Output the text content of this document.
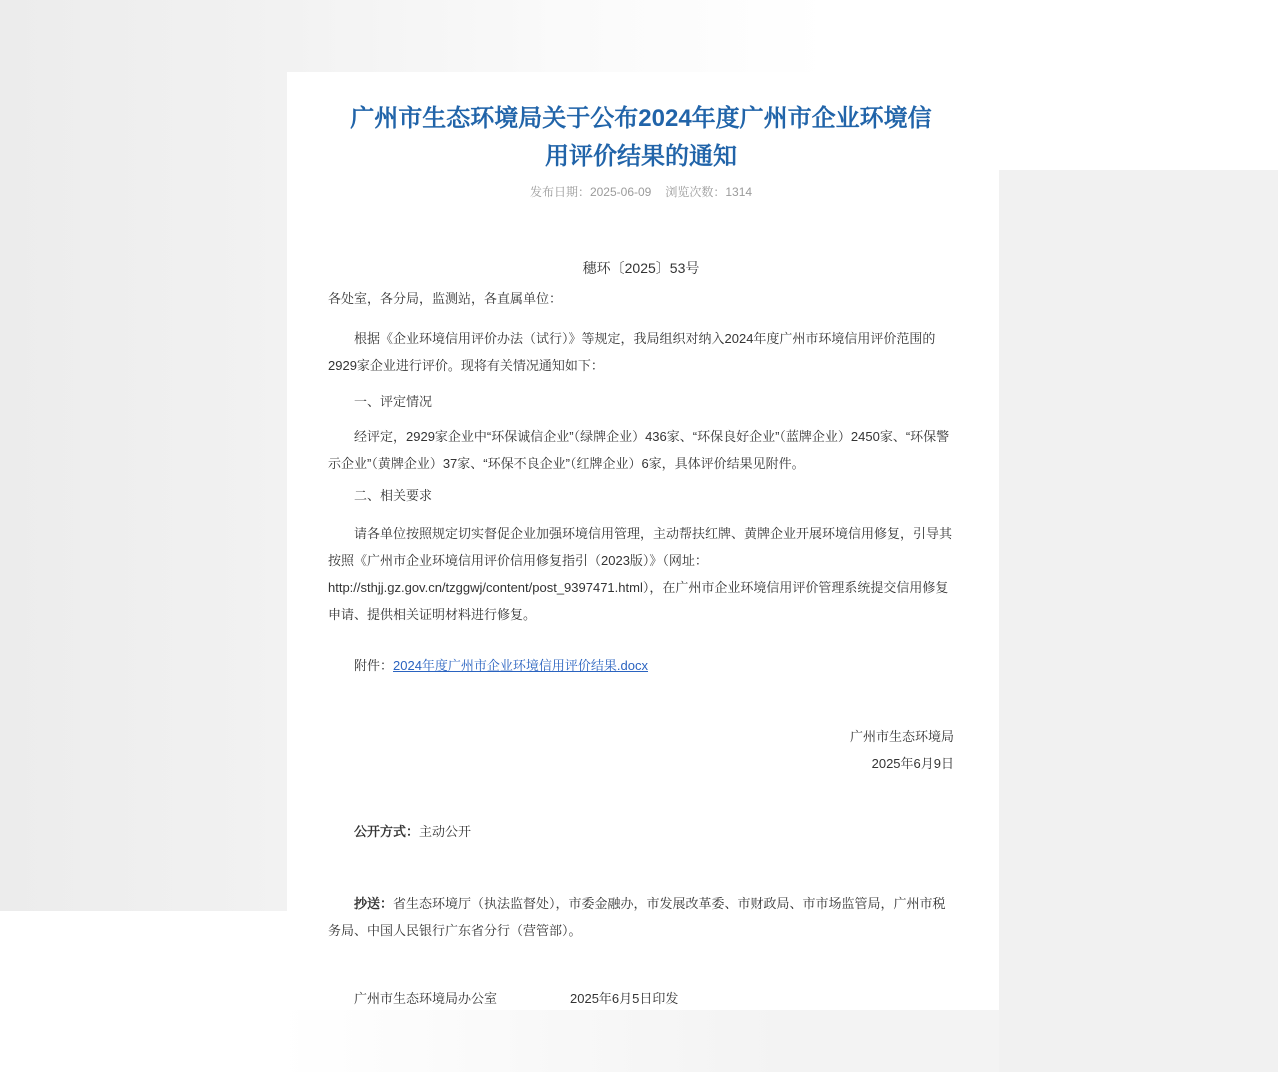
广州市生态环境局关于公布2024年度广州市企业环境信用评价结果的通知
发布日期：2025-06-09 浏览次数：1314
穗环〔2025〕53号

各处室，各分局，监测站，各直属单位：

根据《企业环境信用评价办法（试行）》等规定，我局组织对纳入2024年度广州市环境信用评价范围的2929家企业进行评价。现将有关情况通知如下：

一、评定情况

经评定，2929家企业中“环保诚信企业”（绿牌企业）436家、“环保良好企业”（蓝牌企业）2450家、“环保警示企业”（黄牌企业）37家、“环保不良企业”（红牌企业）6家，具体评价结果见附件。

二、相关要求

请各单位按照规定切实督促企业加强环境信用管理，主动帮扶红牌、黄牌企业开展环境信用修复，引导其按照《广州市企业环境信用评价信用修复指引（2023版）》（网址：http://sthjj.gz.gov.cn/tzggwj/content/post_9397471.html），在广州市企业环境信用评价管理系统提交信用修复申请、提供相关证明材料进行修复。

附件：2024年度广州市企业环境信用评价结果.docx

广州市生态环境局

2025年6月9日

公开方式：主动公开

抄送：省生态环境厅（执法监督处），市委金融办，市发展改革委、市财政局、市市场监管局，广州市税务局、中国人民银行广东省分行（营管部）。

广州市生态环境局办公室	2025年6月5日印发
